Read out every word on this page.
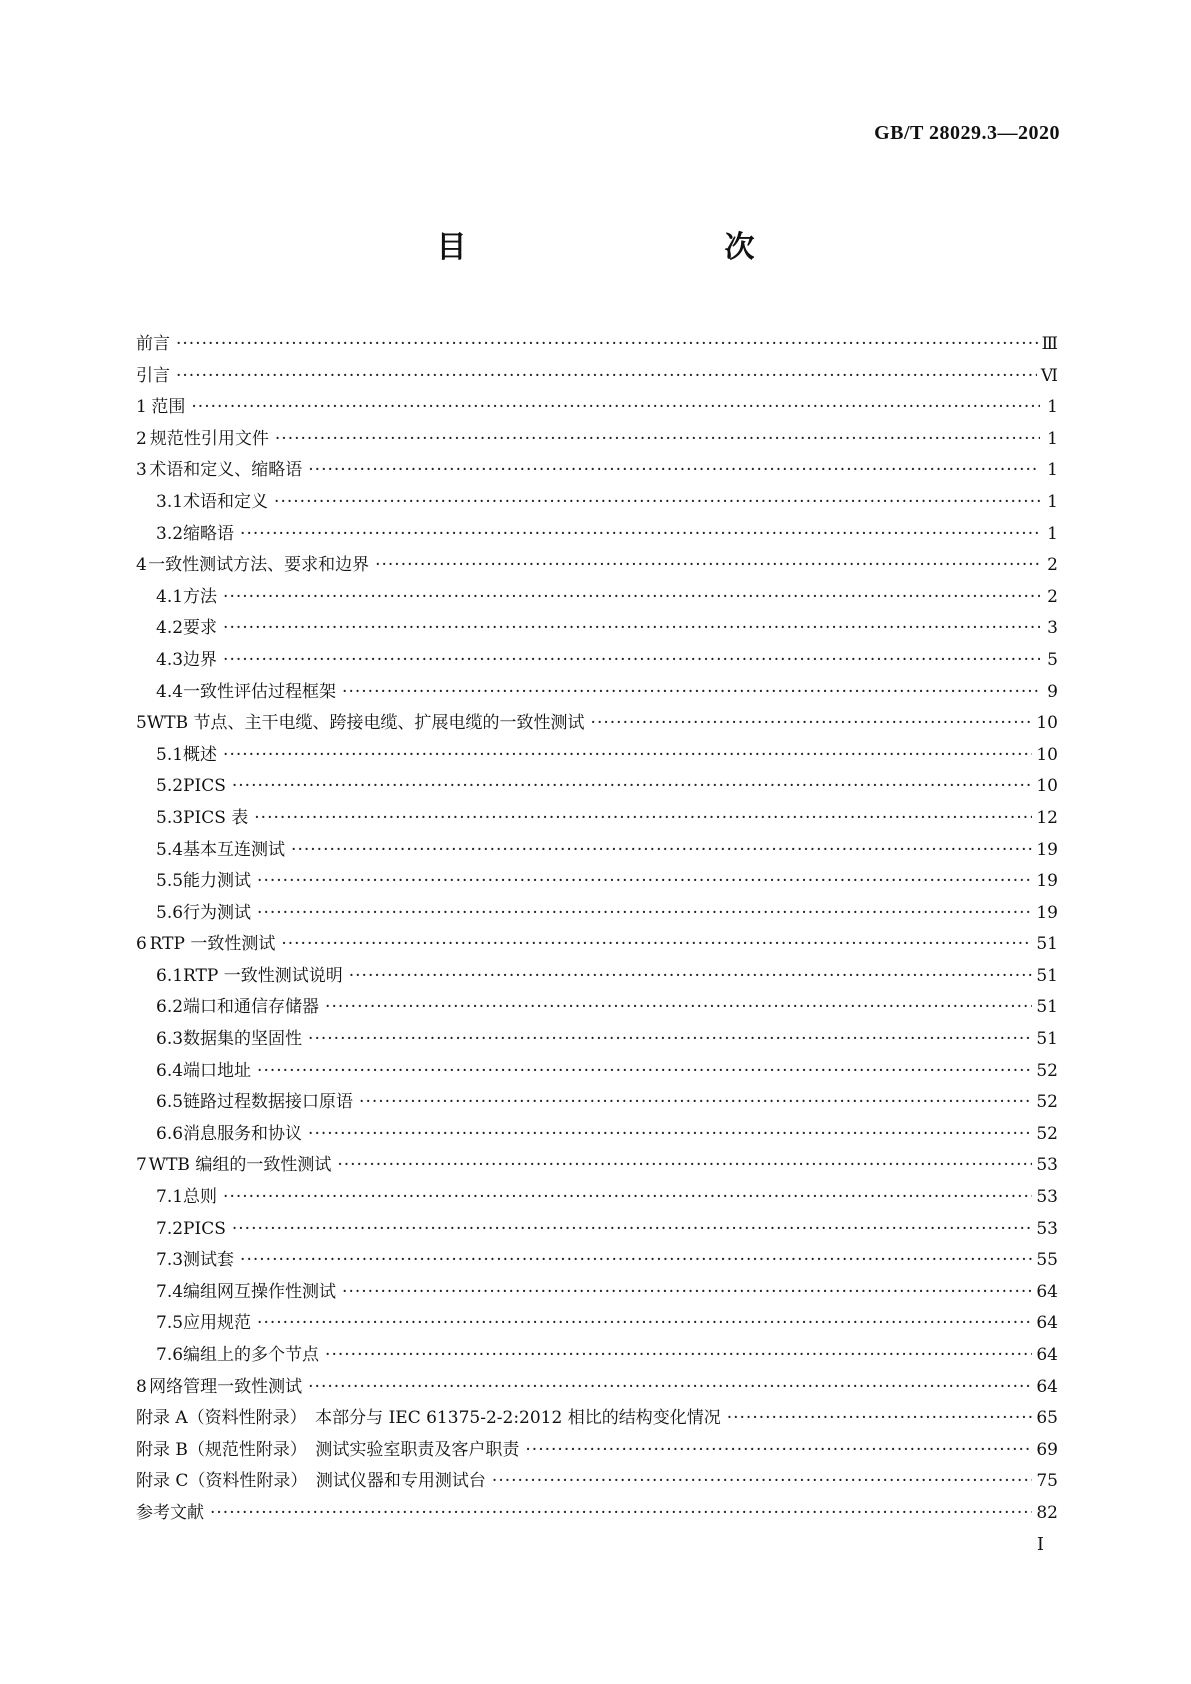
GB/T 28029.3—2020
目　　次
前言 ·····	Ⅲ
引言 ·····	Ⅵ
1 范围 ·····	1
2 规范性引用文件 ·····	1
3 术语和定义、缩略语 ·····	1
3.1 术语和定义 ·····	1
3.2 缩略语 ·····	1
4 一致性测试方法、要求和边界 ·····	2
4.1 方法 ·····	2
4.2 要求 ·····	3
4.3 边界 ·····	5
4.4 一致性评估过程框架 ·····	9
5 WTB 节点、主干电缆、跨接电缆、扩展电缆的一致性测试 ·····	10
5.1 概述 ·····	10
5.2 PICS ·····	10
5.3 PICS 表 ·····	12
5.4 基本互连测试 ·····	19
5.5 能力测试 ·····	19
5.6 行为测试 ·····	19
6 RTP 一致性测试 ·····	51
6.1 RTP 一致性测试说明 ·····	51
6.2 端口和通信存储器 ·····	51
6.3 数据集的坚固性 ·····	51
6.4 端口地址 ·····	52
6.5 链路过程数据接口原语 ·····	52
6.6 消息服务和协议 ·····	52
7 WTB 编组的一致性测试 ·····	53
7.1 总则 ·····	53
7.2 PICS ·····	53
7.3 测试套 ·····	55
7.4 编组网互操作性测试 ·····	64
7.5 应用规范 ·····	64
7.6 编组上的多个节点 ·····	64
8 网络管理一致性测试 ·····	64
附录 A（资料性附录）　本部分与 IEC 61375-2-2:2012 相比的结构变化情况 ·····	65
附录 B（规范性附录）　测试实验室职责及客户职责 ·····	69
附录 C（资料性附录）　测试仪器和专用测试台 ·····	75
参考文献 ·····	82
Ⅰ
